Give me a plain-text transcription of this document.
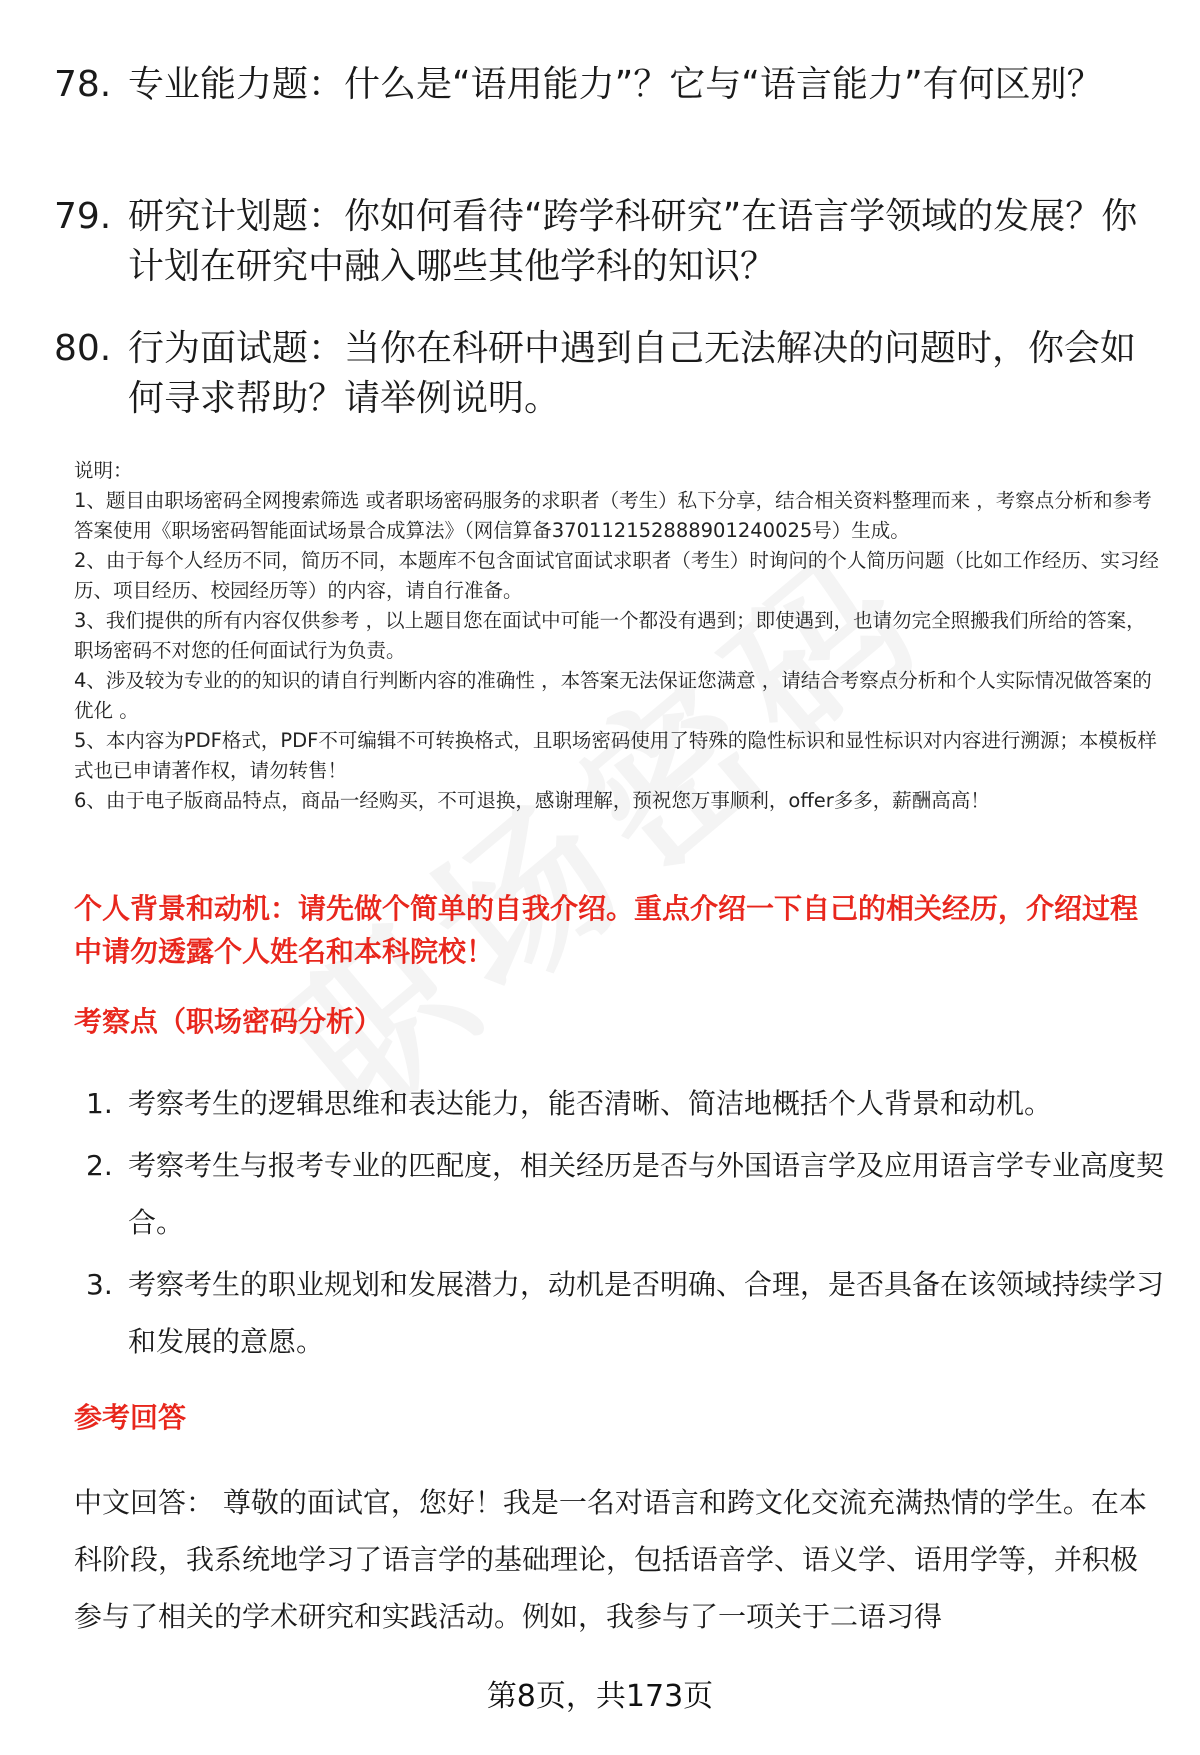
78. 专业能力题：什么是“语用能力”？它与“语言能力”有何区别？
79. 研究计划题：你如何看待“跨学科研究”在语言学领域的发展？你计划在研究中融入哪些其他学科的知识？
80. 行为面试题：当你在科研中遇到自己无法解决的问题时，你会如何寻求帮助？请举例说明。

说明：

1、题目由职场密码全网搜索筛选 或者职场密码服务的求职者（考生）私下分享，结合相关资料整理而来 ，考察点分析和参考答案使用《职场密码智能面试场景合成算法》（网信算备370112152888901240025号）生成。

2、由于每个人经历不同，简历不同，本题库不包含面试官面试求职者（考生）时询问的个人简历问题（比如工作经历、实习经历、项目经历、校园经历等）的内容，请自行准备。

3、我们提供的所有内容仅供参考 ，以上题目您在面试中可能一个都没有遇到；即使遇到，也请勿完全照搬我们所给的答案，职场密码不对您的任何面试行为负责。

4、涉及较为专业的的知识的请自行判断内容的准确性 ，本答案无法保证您满意 ，请结合考察点分析和个人实际情况做答案的优化 。

5、本内容为PDF格式，PDF不可编辑不可转换格式，且职场密码使用了特殊的隐性标识和显性标识对内容进行溯源；本模板样式也已申请著作权，请勿转售！

6、由于电子版商品特点，商品一经购买，不可退换，感谢理解，预祝您万事顺利，offer多多，薪酬高高！

个人背景和动机：请先做个简单的自我介绍。重点介绍一下自己的相关经历，介绍过程中请勿透露个人姓名和本科院校！
考察点（职场密码分析）
1. 考察考生的逻辑思维和表达能力，能否清晰、简洁地概括个人背景和动机。
2. 考察考生与报考专业的匹配度，相关经历是否与外国语言学及应用语言学专业高度契合。
3. 考察考生的职业规划和发展潜力，动机是否明确、合理，是否具备在该领域持续学习和发展的意愿。
参考回答
中文回答： 尊敬的面试官，您好！我是一名对语言和跨文化交流充满热情的学生。在本科阶段，我系统地学习了语言学的基础理论，包括语音学、语义学、语用学等，并积极参与了相关的学术研究和实践活动。例如，我参与了一项关于二语习得
第8页，共173页
